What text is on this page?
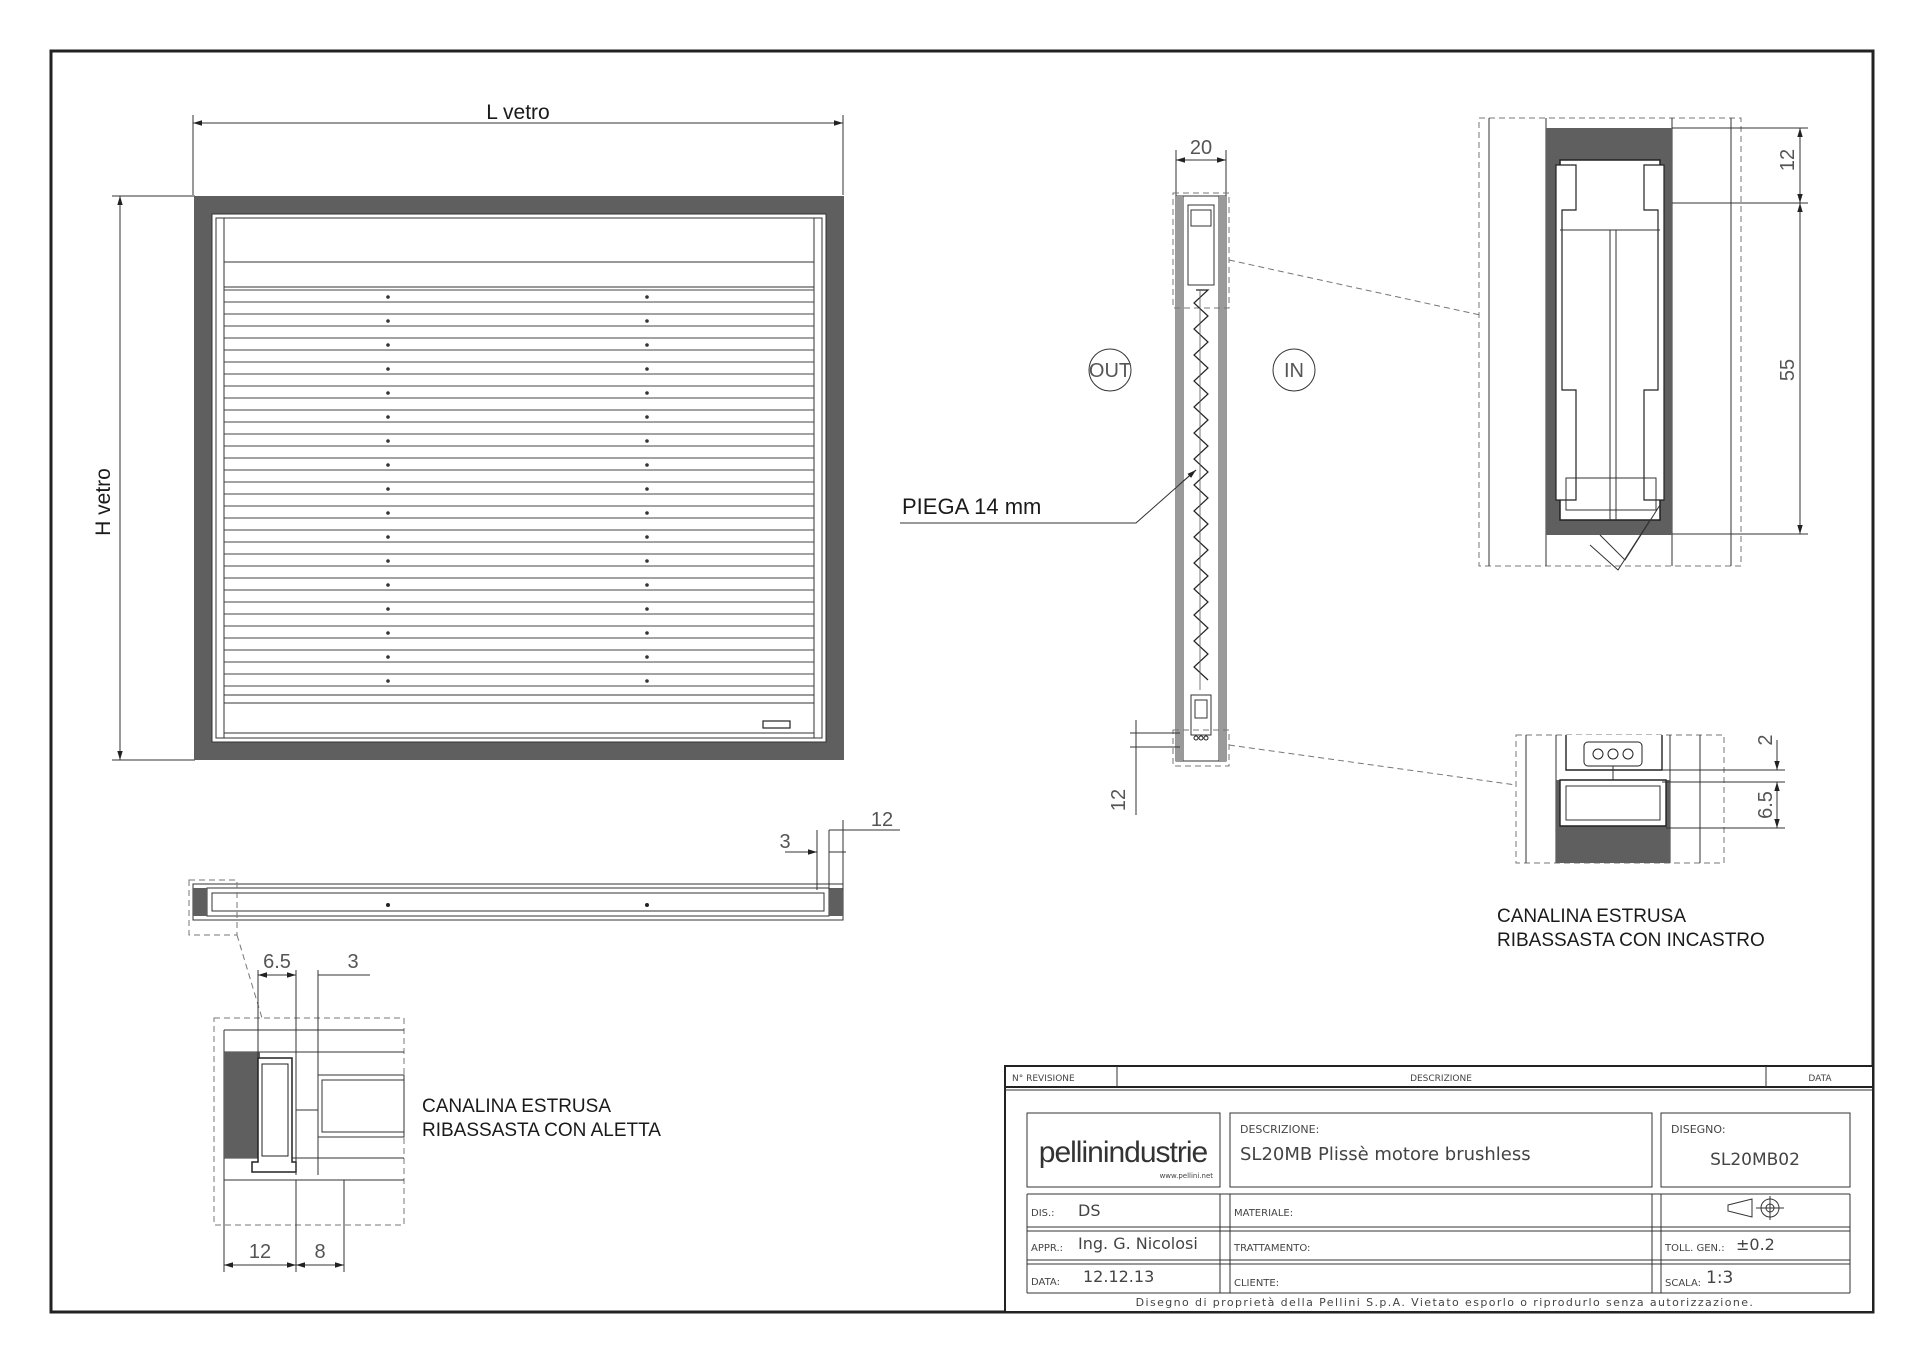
L vetro
H vetro
3
12
6.5	3
12 8
CANALINA ESTRUSA
RIBASSASTA CON ALETTA
20
OUT	IN
PIEGA 14 mm
12
12
55
2
6.5
CANALINA ESTRUSA
RIBASSASTA CON INCASTRO
N° REVISIONE	DESCRIZIONE	DATA
pellinindustrie
www.pellini.net
DESCRIZIONE:
SL20MB Plissè motore brushless
DISEGNO:
SL20MB02
DIS.: DS	MATERIALE:
APPR.: Ing. G. Nicolosi	TRATTAMENTO:	TOLL. GEN.: ±0.2
DATA: 12.12.13	CLIENTE:	SCALA: 1:3
Disegno di proprietà della Pellini S.p.A. Vietato esporlo o riprodurlo senza autorizzazione.
